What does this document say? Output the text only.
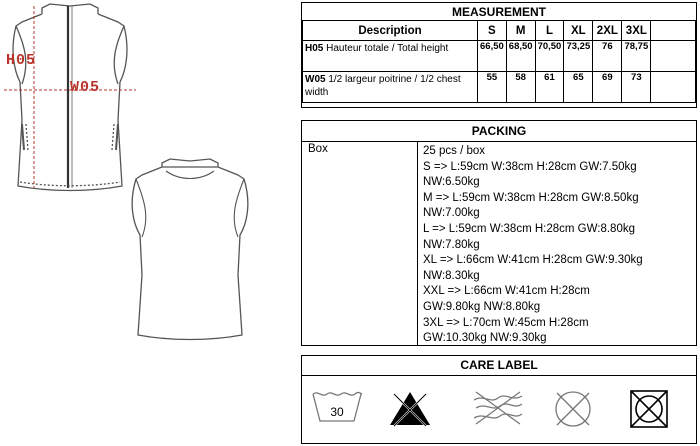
H05
W05
MEASUREMENT							
Description	S	M	L	XL	2XL	3XL	
H05 Hauteur totale / Total height	66,50	68,50	70,50	73,25	76	78,75	
W05 1/2 largeur poitrine / 1/2 chest width	55	58	61	65	69	73	
PACKING
Box	25 pcs / box
S => L:59cm W:38cm H:28cm GW:7.50kg
NW:6.50kg
M => L:59cm W:38cm H:28cm GW:8.50kg
NW:7.00kg
L => L:59cm W:38cm H:28cm GW:8.80kg
NW:7.80kg
XL => L:66cm W:41cm H:28cm GW:9.30kg
NW:8.30kg
XXL => L:66cm W:41cm H:28cm
GW:9.80kg NW:8.80kg
3XL => L:70cm W:45cm H:28cm
GW:10.30kg NW:9.30kg
CARE LABEL
30
